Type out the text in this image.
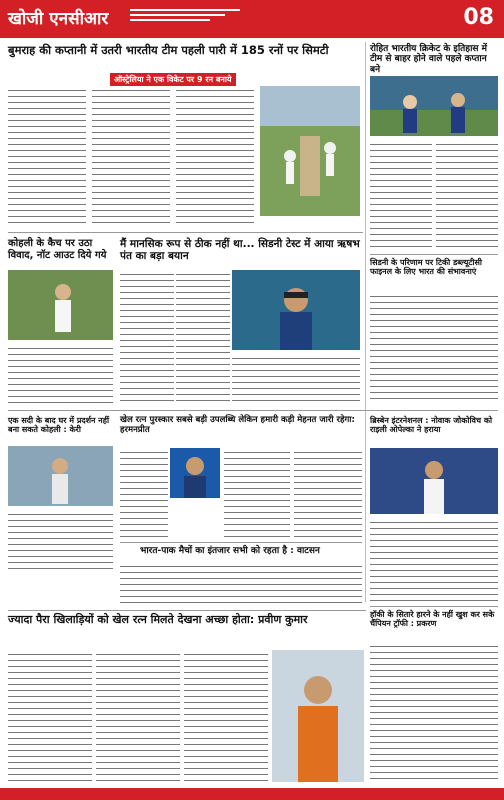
खोजी एनसीआर	08
बुमराह की कप्तानी में उतरी भारतीय टीम पहली पारी में 185 रनों पर सिमटी
ऑस्ट्रेलिया ने एक विकेट पर 9 रन बनाये
रोहित भारतीय क्रिकेट के इतिहास में टीम से बाहर होने वाले पहले कप्तान बने
कोहली के कैच पर उठा विवाद, नॉट आउट दिये गये
मैं मानसिक रूप से ठीक नहीं था... सिडनी टेस्ट में आया ऋषभ पंत का बड़ा बयान
सिडनी के परिणाम पर टिकी डब्ल्यूटीसी फाइनल के लिए भारत की संभावनाएं
एक सदी के बाद घर में प्रदर्शन नहीं बना सकते कोहली : केरी
खेल रत्न पुरस्कार सबसे बड़ी उपलब्धि लेकिन हमारी कड़ी मेहनत जारी रहेगा: हरमनप्रीत
ब्रिस्बेन इंटरनेशनल : नोवाक जोकोविच को राइली ओपेल्का ने हराया
भारत-पाक मैचों का इंतजार सभी को रहता है : वाटसन
हॉकी के सितारे हारने के नहीं खुश कर सके चैंपियन ट्रॉफी : प्रकरण
ज्यादा पैरा खिलाड़ियों को खेल रत्न मिलते देखना अच्छा होता: प्रवीण कुमार
